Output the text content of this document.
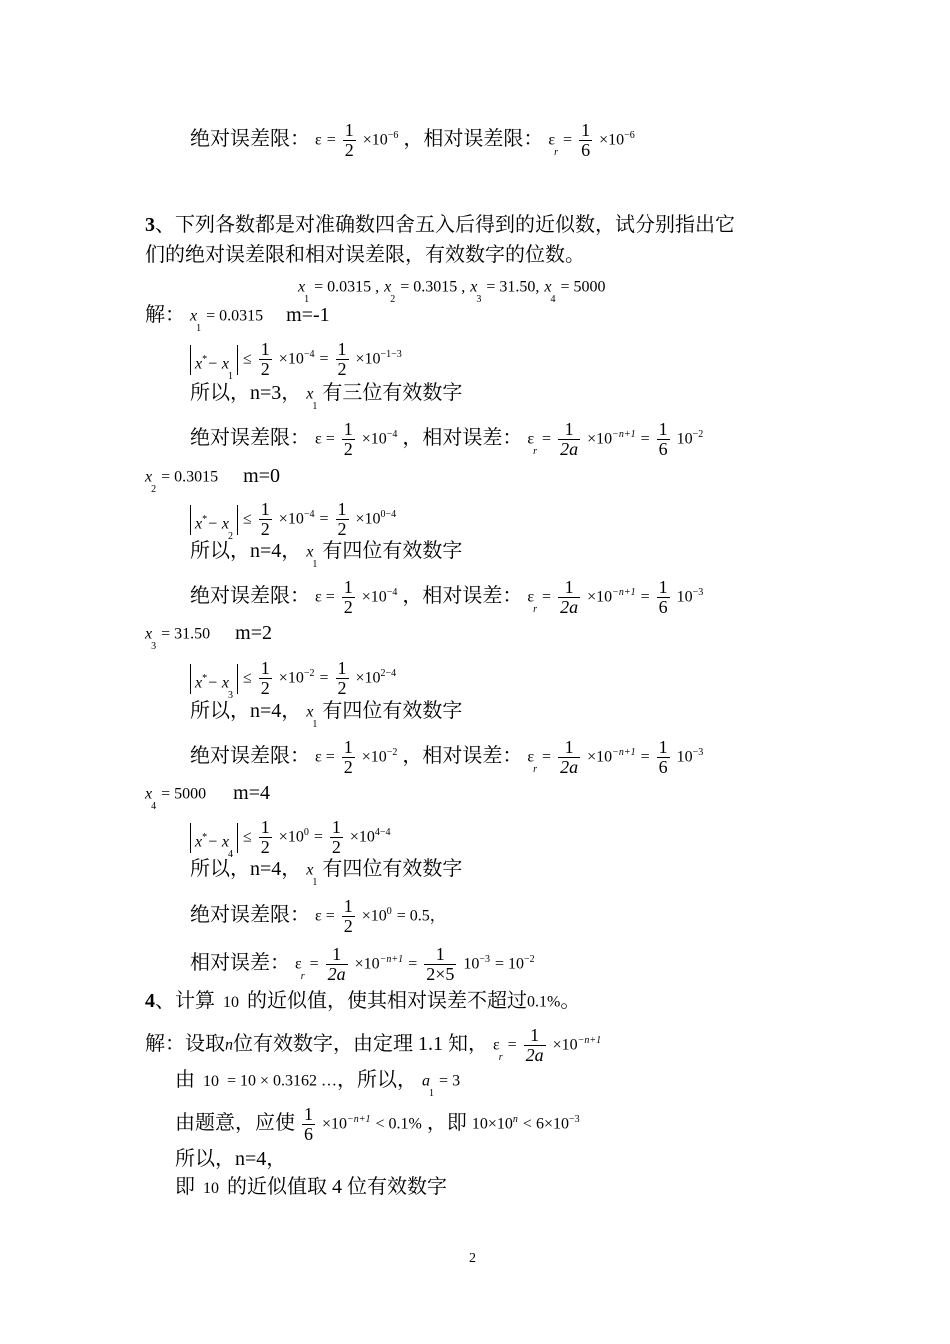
绝对误差限： $\varepsilon = \frac{1}{2} \times 10^{-6}$ ，相对误差限： $\varepsilon_r = \frac{1}{6} \times 10^{-6}$
3、下列各数都是对准确数四舍五入后得到的近似数，试分别指出它
们的绝对误差限和相对误差限，有效数字的位数。
$x_1 = 0.0315$ , $x_2 = 0.3015$ , $x_3 = 31.50$, $x_4 = 5000$
解： $x_1 = 0.0315$ m=-1
$x^*- x_1 \le \frac{1}{2} \times 10^{-4} = \frac{1}{2} \times 10^{-1-3}$
所以，n=3， $x_1$ 有三位有效数字
绝对误差限： $\varepsilon = \frac{1}{2} \times 10^{-4}$ ，相对误差： $\varepsilon_r = \frac{1}{2a} \times 10^{-n+1} = \frac{1}{6} 10^{-2}$
$x_2 = 0.3015$ m=0
$x^*- x_2 \le \frac{1}{2} \times 10^{-4} = \frac{1}{2} \times 10^{0-4}$
所以，n=4， $x_1$ 有四位有效数字
绝对误差限： $\varepsilon = \frac{1}{2} \times 10^{-4}$ ，相对误差： $\varepsilon_r = \frac{1}{2a} \times 10^{-n+1} = \frac{1}{6} 10^{-3}$
$x_3 = 31.50$ m=2
$x^*- x_3 \le \frac{1}{2} \times 10^{-2} = \frac{1}{2} \times 10^{2-4}$
所以，n=4， $x_1$ 有四位有效数字
绝对误差限： $\varepsilon = \frac{1}{2} \times 10^{-2}$ ，相对误差： $\varepsilon_r = \frac{1}{2a} \times 10^{-n+1} = \frac{1}{6} 10^{-3}$
$x_4 = 5000$ m=4
$x^*- x_4 \le \frac{1}{2} \times 10^0 = \frac{1}{2} \times 10^{4-4}$
所以，n=4， $x_1$ 有四位有效数字
绝对误差限： $\varepsilon = \frac{1}{2} \times 10^0 = 0.5$，
相对误差： $\varepsilon_r = \frac{1}{2a} \times 10^{-n+1} = \frac{1}{2\times 5} 10^{-3} = 10^{-2}$
4、计算 10 的近似值，使其相对误差不超过0.1%。
解：设取n位有效数字，由定理 1.1 知， $\varepsilon_r = \frac{1}{2a} \times 10^{-n+1}$
由 10 = 10 × 0.3162 …，所以， $a_1 = 3$
由题意，应使 $\frac{1}{6} \times 10^{-n+1} < 0.1\%$ ，即 $10\times 10^n < 6\times 10^{-3}$
所以，n=4，
即 10 的近似值取 4 位有效数字
2
